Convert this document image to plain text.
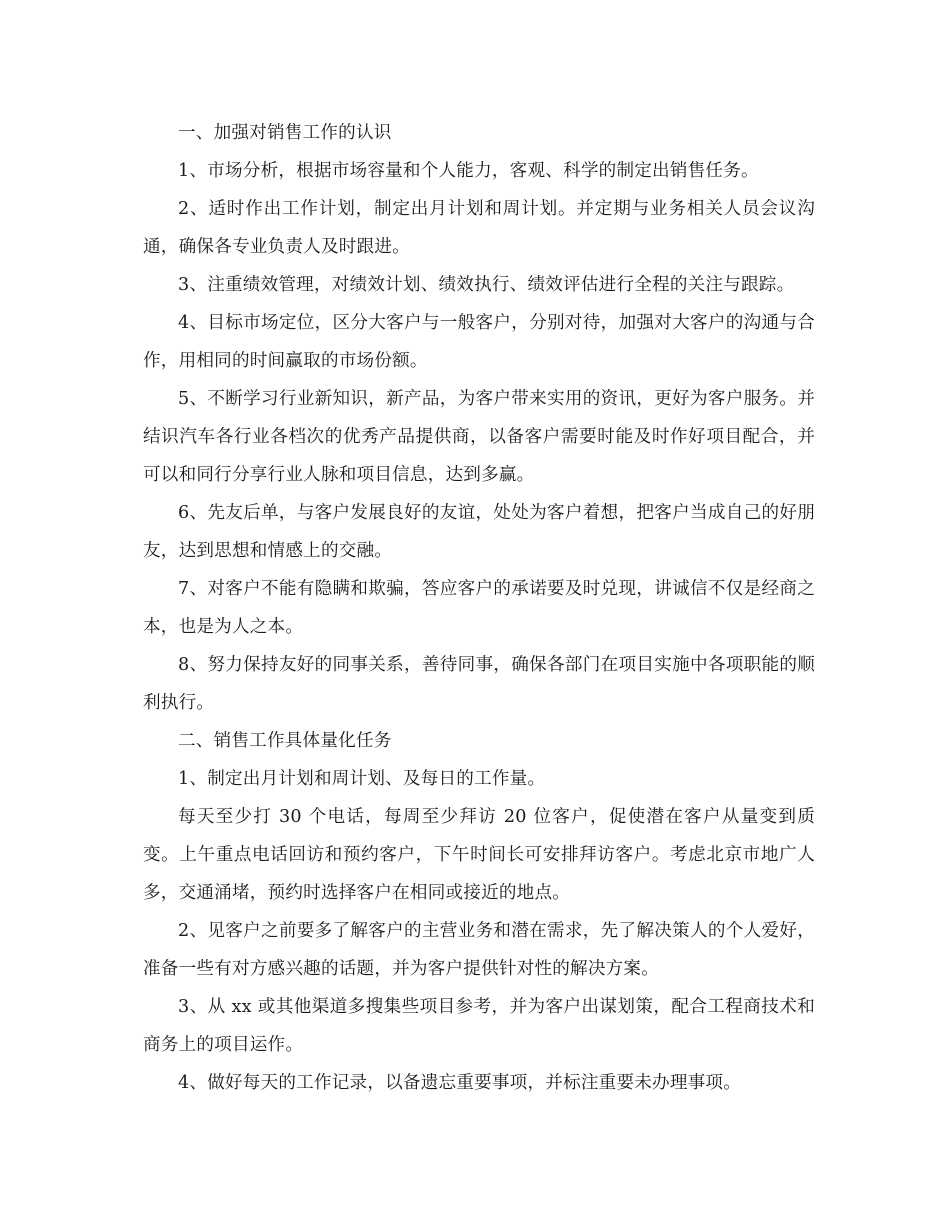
一、加强对销售工作的认识

1、市场分析，根据市场容量和个人能力，客观、科学的制定出销售任务。

2、适时作出工作计划，制定出月计划和周计划。并定期与业务相关人员会议沟通，确保各专业负责人及时跟进。

3、注重绩效管理，对绩效计划、绩效执行、绩效评估进行全程的关注与跟踪。

4、目标市场定位，区分大客户与一般客户，分别对待，加强对大客户的沟通与合作，用相同的时间赢取的市场份额。

5、不断学习行业新知识，新产品，为客户带来实用的资讯，更好为客户服务。并结识汽车各行业各档次的优秀产品提供商，以备客户需要时能及时作好项目配合，并可以和同行分享行业人脉和项目信息，达到多赢。

6、先友后单，与客户发展良好的友谊，处处为客户着想，把客户当成自己的好朋友，达到思想和情感上的交融。

7、对客户不能有隐瞒和欺骗，答应客户的承诺要及时兑现，讲诚信不仅是经商之本，也是为人之本。

8、努力保持友好的同事关系，善待同事，确保各部门在项目实施中各项职能的顺利执行。

二、销售工作具体量化任务

1、制定出月计划和周计划、及每日的工作量。

每天至少打 30 个电话，每周至少拜访 20 位客户，促使潜在客户从量变到质变。上午重点电话回访和预约客户，下午时间长可安排拜访客户。考虑北京市地广人多，交通涌堵，预约时选择客户在相同或接近的地点。

2、见客户之前要多了解客户的主营业务和潜在需求，先了解决策人的个人爱好，准备一些有对方感兴趣的话题，并为客户提供针对性的解决方案。

3、从 xx 或其他渠道多搜集些项目参考，并为客户出谋划策，配合工程商技术和商务上的项目运作。

4、做好每天的工作记录，以备遗忘重要事项，并标注重要未办理事项。
